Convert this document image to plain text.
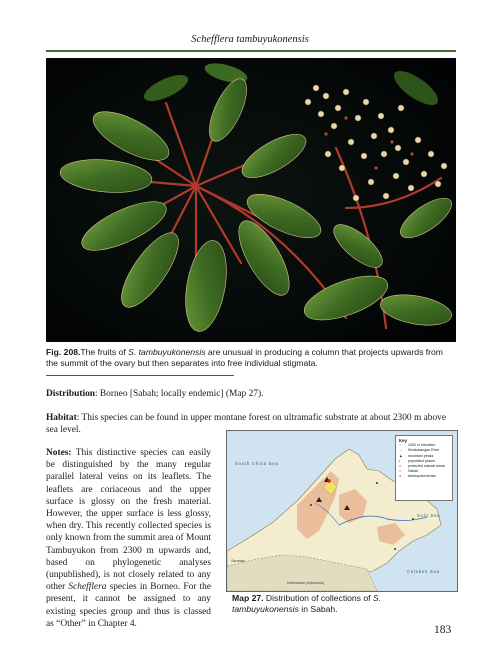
Schefflera tambuyukonensis
Fig. 208.The fruits of S. tambuyukonensis are unusual in producing a column that projects upwards from the summit of the ovary but then separates into free individual stigmata.
Distribution: Borneo [Sabah; locally endemic] (Map 27).
Habitat: This species can be found in upper montane forest on ultramafic substrate at about 2300 m above sea level.
Notes: This distinctive species can easily be distinguished by the many regular parallel lateral veins on its leaflets. The leaflets are coriaceous and the upper surface is glossy on the fresh material. However, the upper surface is less glossy, when dry. This recently collected species is only known from the summit area of Mount Tambuyukon from 2300 m upwards and, based on phylogenetic analyses (unpublished), is not closely related to any other Schefflera species in Borneo. For the present, it cannot be assigned to any existing species group and thus is classed as “Other” in Chapter 4.
Key
┄ 1000 m elevation
— Kinabatangan River
▲ mountain peaks
• populated places
■ protected natural areas
■ Sabah
● tambuyukonensis
South China Sea
Sulu Sea
Celebes Sea
Sarawak
Kalimantan (Indonesia)
Map 27. Distribution of collections of S. tambuyukonensis in Sabah.
183
